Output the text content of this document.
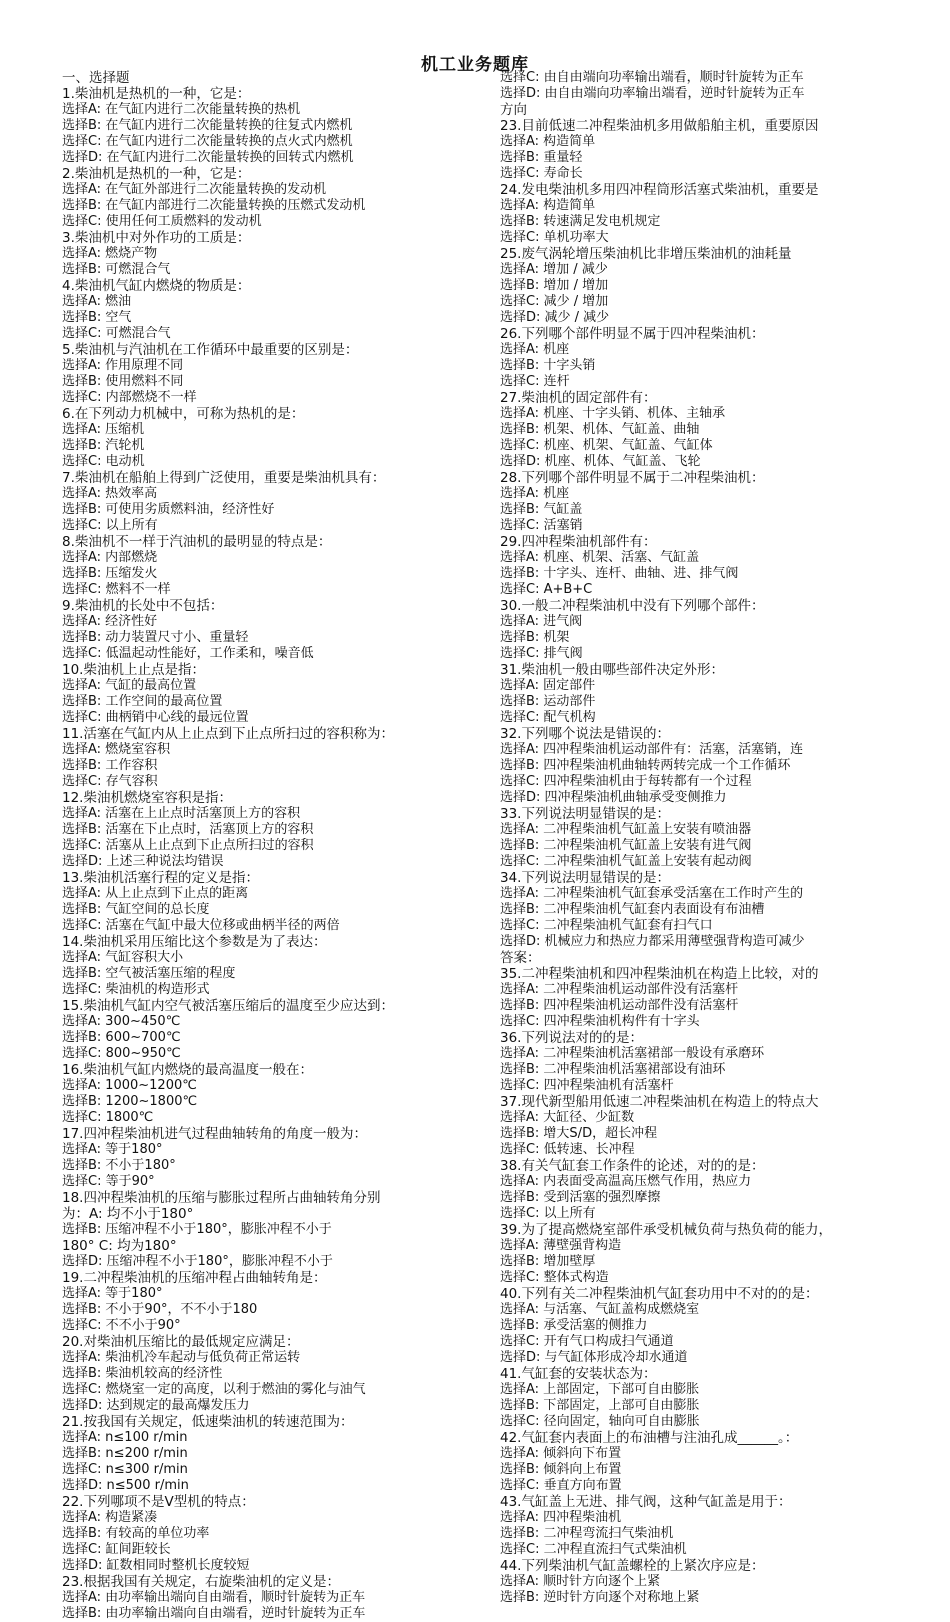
机工业务题库
一、选择题
1.柴油机是热机的一种，它是：
选择A: 在气缸内进行二次能量转换的热机
选择B: 在气缸内进行二次能量转换的往复式内燃机
选择C: 在气缸内进行二次能量转换的点火式内燃机
选择D: 在气缸内进行二次能量转换的回转式内燃机
2.柴油机是热机的一种，它是：
选择A: 在气缸外部进行二次能量转换的发动机
选择B: 在气缸内部进行二次能量转换的压燃式发动机
选择C: 使用任何工质燃料的发动机
3.柴油机中对外作功的工质是：
选择A: 燃烧产物
选择B: 可燃混合气
4.柴油机气缸内燃烧的物质是：
选择A: 燃油
选择B: 空气
选择C: 可燃混合气
5.柴油机与汽油机在工作循环中最重要的区别是：
选择A: 作用原理不同
选择B: 使用燃料不同
选择C: 内部燃烧不一样
6.在下列动力机械中，可称为热机的是：
选择A: 压缩机
选择B: 汽轮机
选择C: 电动机
7.柴油机在船舶上得到广泛使用，重要是柴油机具有：
选择A: 热效率高
选择B: 可使用劣质燃料油，经济性好
选择C: 以上所有
8.柴油机不一样于汽油机的最明显的特点是：
选择A: 内部燃烧
选择B: 压缩发火
选择C: 燃料不一样
9.柴油机的长处中不包括：
选择A: 经济性好
选择B: 动力装置尺寸小、重量轻
选择C: 低温起动性能好，工作柔和，噪音低
10.柴油机上止点是指：
选择A: 气缸的最高位置
选择B: 工作空间的最高位置
选择C: 曲柄销中心线的最远位置
11.活塞在气缸内从上止点到下止点所扫过的容积称为：
选择A: 燃烧室容积
选择B: 工作容积
选择C: 存气容积
12.柴油机燃烧室容积是指：
选择A: 活塞在上止点时活塞顶上方的容积
选择B: 活塞在下止点时，活塞顶上方的容积
选择C: 活塞从上止点到下止点所扫过的容积
选择D: 上述三种说法均错误
13.柴油机活塞行程的定义是指：
选择A: 从上止点到下止点的距离
选择B: 气缸空间的总长度
选择C: 活塞在气缸中最大位移或曲柄半径的两倍
14.柴油机采用压缩比这个参数是为了表达：
选择A: 气缸容积大小
选择B: 空气被活塞压缩的程度
选择C: 柴油机的构造形式
15.柴油机气缸内空气被活塞压缩后的温度至少应达到：
选择A: 300~450℃
选择B: 600~700℃
选择C: 800~950℃
16.柴油机气缸内燃烧的最高温度一般在：
选择A: 1000~1200℃
选择B: 1200~1800℃
选择C: 1800℃
17.四冲程柴油机进气过程曲轴转角的角度一般为：
选择A: 等于180°
选择B: 不小于180°
选择C: 等于90°
18.四冲程柴油机的压缩与膨胀过程所占曲轴转角分别
为：A: 均不小于180°
选择B: 压缩冲程不小于180°，膨胀冲程不小于
180° C: 均为180°
选择D: 压缩冲程不小于180°，膨胀冲程不小于
19.二冲程柴油机的压缩冲程占曲轴转角是：
选择A: 等于180°
选择B: 不小于90°，不不小于180
选择C: 不不小于90°
20.对柴油机压缩比的最低规定应满足：
选择A: 柴油机冷车起动与低负荷正常运转
选择B: 柴油机较高的经济性
选择C: 燃烧室一定的高度，以利于燃油的雾化与油气
选择D: 达到规定的最高爆发压力
21.按我国有关规定，低速柴油机的转速范围为：
选择A: n≤100 r/min
选择B: n≤200 r/min
选择C: n≤300 r/min
选择D: n≤500 r/min
22.下列哪项不是V型机的特点：
选择A: 构造紧凑
选择B: 有较高的单位功率
选择C: 缸间距较长
选择D: 缸数相同时整机长度较短
23.根据我国有关规定，右旋柴油机的定义是：
选择A: 由功率输出端向自由端看，顺时针旋转为正车
选择B: 由功率输出端向自由端看，逆时针旋转为正车
选择C: 由自由端向功率输出端看，顺时针旋转为正车
选择D: 由自由端向功率输出端看，逆时针旋转为正车
方向
23.目前低速二冲程柴油机多用做船舶主机，重要原因
选择A: 构造简单
选择B: 重量轻
选择C: 寿命长
24.发电柴油机多用四冲程筒形活塞式柴油机，重要是
选择A: 构造简单
选择B: 转速满足发电机规定
选择C: 单机功率大
25.废气涡轮增压柴油机比非增压柴油机的油耗量
选择A: 增加 / 减少
选择B: 增加 / 增加
选择C: 减少 / 增加
选择D: 减少 / 减少
26.下列哪个部件明显不属于四冲程柴油机：
选择A: 机座
选择B: 十字头销
选择C: 连杆
27.柴油机的固定部件有：
选择A: 机座、十字头销、机体、主轴承
选择B: 机架、机体、气缸盖、曲轴
选择C: 机座、机架、气缸盖、气缸体
选择D: 机座、机体、气缸盖、飞轮
28.下列哪个部件明显不属于二冲程柴油机：
选择A: 机座
选择B: 气缸盖
选择C: 活塞销
29.四冲程柴油机部件有：
选择A: 机座、机架、活塞、气缸盖
选择B: 十字头、连杆、曲轴、进、排气阀
选择C: A+B+C
30.一般二冲程柴油机中没有下列哪个部件：
选择A: 进气阀
选择B: 机架
选择C: 排气阀
31.柴油机一般由哪些部件决定外形：
选择A: 固定部件
选择B: 运动部件
选择C: 配气机构
32.下列哪个说法是错误的：
选择A: 四冲程柴油机运动部件有：活塞，活塞销，连
选择B: 四冲程柴油机曲轴转两转完成一个工作循环
选择C: 四冲程柴油机由于每转都有一个过程
选择D: 四冲程柴油机曲轴承受变侧推力
33.下列说法明显错误的是：
选择A: 二冲程柴油机气缸盖上安装有喷油器
选择B: 二冲程柴油机气缸盖上安装有进气阀
选择C: 二冲程柴油机气缸盖上安装有起动阀
34.下列说法明显错误的是：
选择A: 二冲程柴油机气缸套承受活塞在工作时产生的
选择B: 二冲程柴油机气缸套内表面设有布油槽
选择C: 二冲程柴油机气缸套有扫气口
选择D: 机械应力和热应力都采用薄壁强背构造可减少
答案：
35.二冲程柴油机和四冲程柴油机在构造上比较，对的
选择A: 二冲程柴油机运动部件没有活塞杆
选择B: 四冲程柴油机运动部件没有活塞杆
选择C: 四冲程柴油机构件有十字头
36.下列说法对的的是：
选择A: 二冲程柴油机活塞裙部一般设有承磨环
选择B: 二冲程柴油机活塞裙部设有油环
选择C: 四冲程柴油机有活塞杆
37.现代新型船用低速二冲程柴油机在构造上的特点大
选择A: 大缸径、少缸数
选择B: 增大S/D，超长冲程
选择C: 低转速、长冲程
38.有关气缸套工作条件的论述，对的的是：
选择A: 内表面受高温高压燃气作用，热应力
选择B: 受到活塞的强烈摩擦
选择C: 以上所有
39.为了提高燃烧室部件承受机械负荷与热负荷的能力，
选择A: 薄壁强背构造
选择B: 增加壁厚
选择C: 整体式构造
40.下列有关二冲程柴油机气缸套功用中不对的的是：
选择A: 与活塞、气缸盖构成燃烧室
选择B: 承受活塞的侧推力
选择C: 开有气口构成扫气通道
选择D: 与气缸体形成冷却水通道
41.气缸套的安装状态为：
选择A: 上部固定，下部可自由膨胀
选择B: 下部固定，上部可自由膨胀
选择C: 径向固定，轴向可自由膨胀
42.气缸套内表面上的布油槽与注油孔成______。：
选择A: 倾斜向下布置
选择B: 倾斜向上布置
选择C: 垂直方向布置
43.气缸盖上无进、排气阀，这种气缸盖是用于：
选择A: 四冲程柴油机
选择B: 二冲程弯流扫气柴油机
选择C: 二冲程直流扫气式柴油机
44.下列柴油机气缸盖螺栓的上紧次序应是：
选择A: 顺时针方向逐个上紧
选择B: 逆时针方向逐个对称地上紧
